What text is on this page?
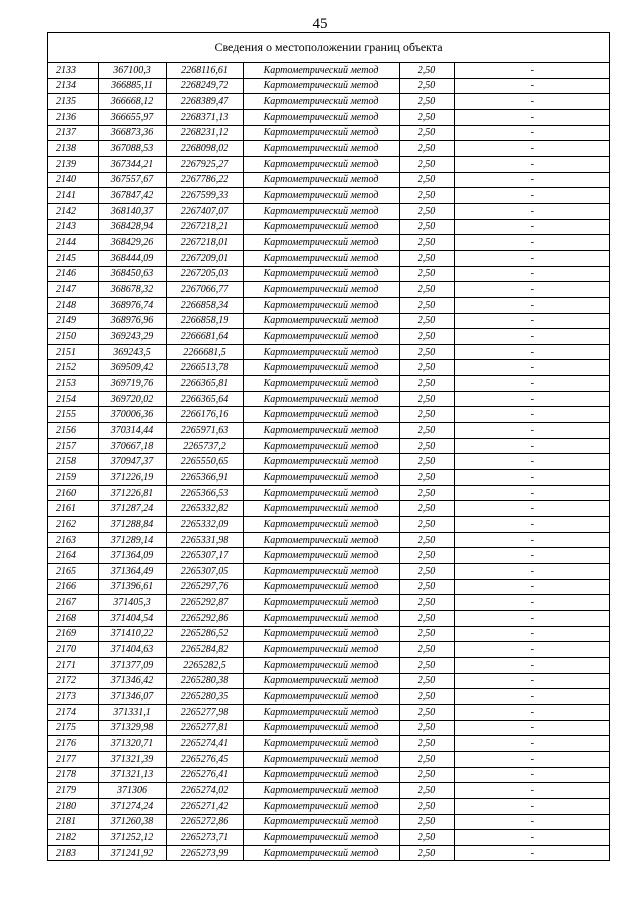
45
Сведения о местоположении границ объекта
2133	367100,3	2268116,61	Картометрический метод	2,50	-
2134	366885,11	2268249,72	Картометрический метод	2,50	-
2135	366668,12	2268389,47	Картометрический метод	2,50	-
2136	366655,97	2268371,13	Картометрический метод	2,50	-
2137	366873,36	2268231,12	Картометрический метод	2,50	-
2138	367088,53	2268098,02	Картометрический метод	2,50	-
2139	367344,21	2267925,27	Картометрический метод	2,50	-
2140	367557,67	2267786,22	Картометрический метод	2,50	-
2141	367847,42	2267599,33	Картометрический метод	2,50	-
2142	368140,37	2267407,07	Картометрический метод	2,50	-
2143	368428,94	2267218,21	Картометрический метод	2,50	-
2144	368429,26	2267218,01	Картометрический метод	2,50	-
2145	368444,09	2267209,01	Картометрический метод	2,50	-
2146	368450,63	2267205,03	Картометрический метод	2,50	-
2147	368678,32	2267066,77	Картометрический метод	2,50	-
2148	368976,74	2266858,34	Картометрический метод	2,50	-
2149	368976,96	2266858,19	Картометрический метод	2,50	-
2150	369243,29	2266681,64	Картометрический метод	2,50	-
2151	369243,5	2266681,5	Картометрический метод	2,50	-
2152	369509,42	2266513,78	Картометрический метод	2,50	-
2153	369719,76	2266365,81	Картометрический метод	2,50	-
2154	369720,02	2266365,64	Картометрический метод	2,50	-
2155	370006,36	2266176,16	Картометрический метод	2,50	-
2156	370314,44	2265971,63	Картометрический метод	2,50	-
2157	370667,18	2265737,2	Картометрический метод	2,50	-
2158	370947,37	2265550,65	Картометрический метод	2,50	-
2159	371226,19	2265366,91	Картометрический метод	2,50	-
2160	371226,81	2265366,53	Картометрический метод	2,50	-
2161	371287,24	2265332,82	Картометрический метод	2,50	-
2162	371288,84	2265332,09	Картометрический метод	2,50	-
2163	371289,14	2265331,98	Картометрический метод	2,50	-
2164	371364,09	2265307,17	Картометрический метод	2,50	-
2165	371364,49	2265307,05	Картометрический метод	2,50	-
2166	371396,61	2265297,76	Картометрический метод	2,50	-
2167	371405,3	2265292,87	Картометрический метод	2,50	-
2168	371404,54	2265292,86	Картометрический метод	2,50	-
2169	371410,22	2265286,52	Картометрический метод	2,50	-
2170	371404,63	2265284,82	Картометрический метод	2,50	-
2171	371377,09	2265282,5	Картометрический метод	2,50	-
2172	371346,42	2265280,38	Картометрический метод	2,50	-
2173	371346,07	2265280,35	Картометрический метод	2,50	-
2174	371331,1	2265277,98	Картометрический метод	2,50	-
2175	371329,98	2265277,81	Картометрический метод	2,50	-
2176	371320,71	2265274,41	Картометрический метод	2,50	-
2177	371321,39	2265276,45	Картометрический метод	2,50	-
2178	371321,13	2265276,41	Картометрический метод	2,50	-
2179	371306	2265274,02	Картометрический метод	2,50	-
2180	371274,24	2265271,42	Картометрический метод	2,50	-
2181	371260,38	2265272,86	Картометрический метод	2,50	-
2182	371252,12	2265273,71	Картометрический метод	2,50	-
2183	371241,92	2265273,99	Картометрический метод	2,50	-
